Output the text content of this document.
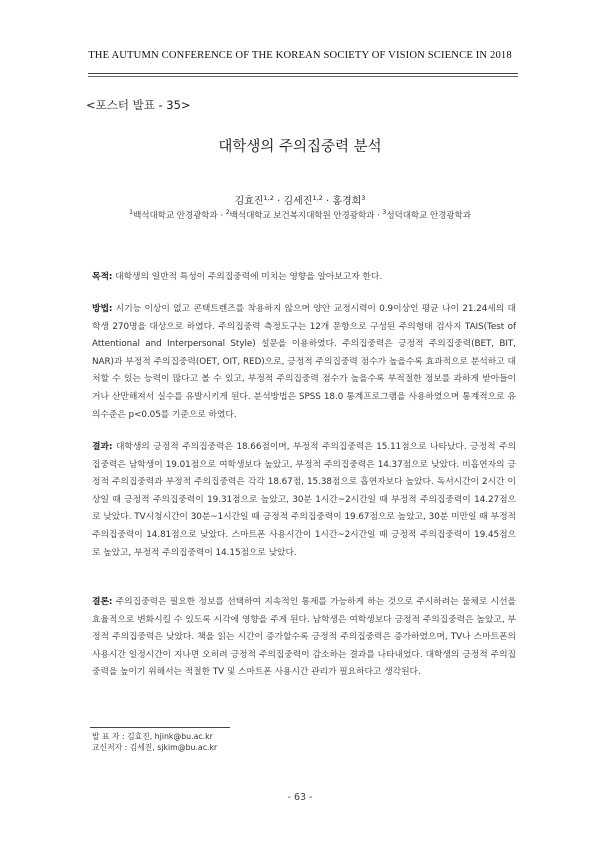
THE AUTUMN CONFERENCE OF THE KOREAN SOCIETY OF VISION SCIENCE IN 2018
<포스터 발표 - 35>
대학생의 주의집중력 분석
김효진$^{1,2}$ · 김세진$^{1,2}$ · 홍경희$^3$
$^1$백석대학교 안경광학과 · $^2$백석대학교 보건복지대학원 안경광학과 · $^3$성덕대학교 안경광학과
목적: 대학생의 일반적 특성이 주의집중력에 미치는 영향을 알아보고자 한다.
방법: 시기능 이상이 없고 콘택트렌즈를 착용하지 않으며 양안 교정시력이 0.9이상인 평균 나이 21.24세의 대학생 270명을 대상으로 하였다. 주의집중력 측정도구는 12개 문항으로 구성된 주의형태 검사지 TAIS(Test of Attentional and Interpersonal Style) 설문을 이용하였다. 주의집중력은 긍정적 주의집중력(BET, BIT, NAR)과 부정적 주의집중력(OET, OIT, RED)으로, 긍정적 주의집중력 점수가 높을수록 효과적으로 분석하고 대처할 수 있는 능력이 많다고 볼 수 있고, 부정적 주의집중력 점수가 높을수록 부적절한 정보를 과하게 받아들이거나 산만해져서 실수를 유발시키게 된다. 분석방법은 SPSS 18.0 통계프로그램을 사용하였으며 통계적으로 유의수준은 p<0.05를 기준으로 하였다.
결과: 대학생의 긍정적 주의집중력은 18.66점이며, 부정적 주의집중력은 15.11점으로 나타났다. 긍정적 주의집중력은 남학생이 19.01점으로 여학생보다 높았고, 부정적 주의집중력은 14.37점으로 낮았다. 비흡연자의 긍정적 주의집중력과 부정적 주의집중력은 각각 18.67점, 15.38점으로 흡연자보다 높았다. 독서시간이 2시간 이상일 때 긍정적 주의집중력이 19.31점으로 높았고, 30분 1시간~2시간일 때 부정적 주의집중력이 14.27점으로 낮았다. TV시청시간이 30분~1시간일 때 긍정적 주의집중력이 19.67점으로 높았고, 30분 미만일 때 부정적 주의집중력이 14.81점으로 낮았다. 스마트폰 사용시간이 1시간~2시간일 때 긍정적 주의집중력이 19.45점으로 높았고, 부정적 주의집중력이 14.15점으로 낮았다.
결론: 주의집중력은 필요한 정보를 선택하여 지속적인 통제를 가능하게 하는 것으로 주시하려는 물체로 시선을 효율적으로 변화시킬 수 있도록 시각에 영향을 주게 된다. 남학생은 여학생보다 긍정적 주의집중력은 높았고, 부정적 주의집중력은 낮았다. 책을 읽는 시간이 증가할수록 긍정적 주의집중력은 증가하였으며, TV나 스마트폰의 사용시간 일정시간이 지나면 오히려 긍정적 주의집중력이 감소하는 결과를 나타내었다. 대학생의 긍정적 주의집중력을 높이기 위해서는 적절한 TV 및 스마트폰 사용시간 관리가 필요하다고 생각된다.
발 표 자 : 김효진, hjink@bu.ac.kr
교신저자 : 김세진, sjkim@bu.ac.kr
- 63 -
